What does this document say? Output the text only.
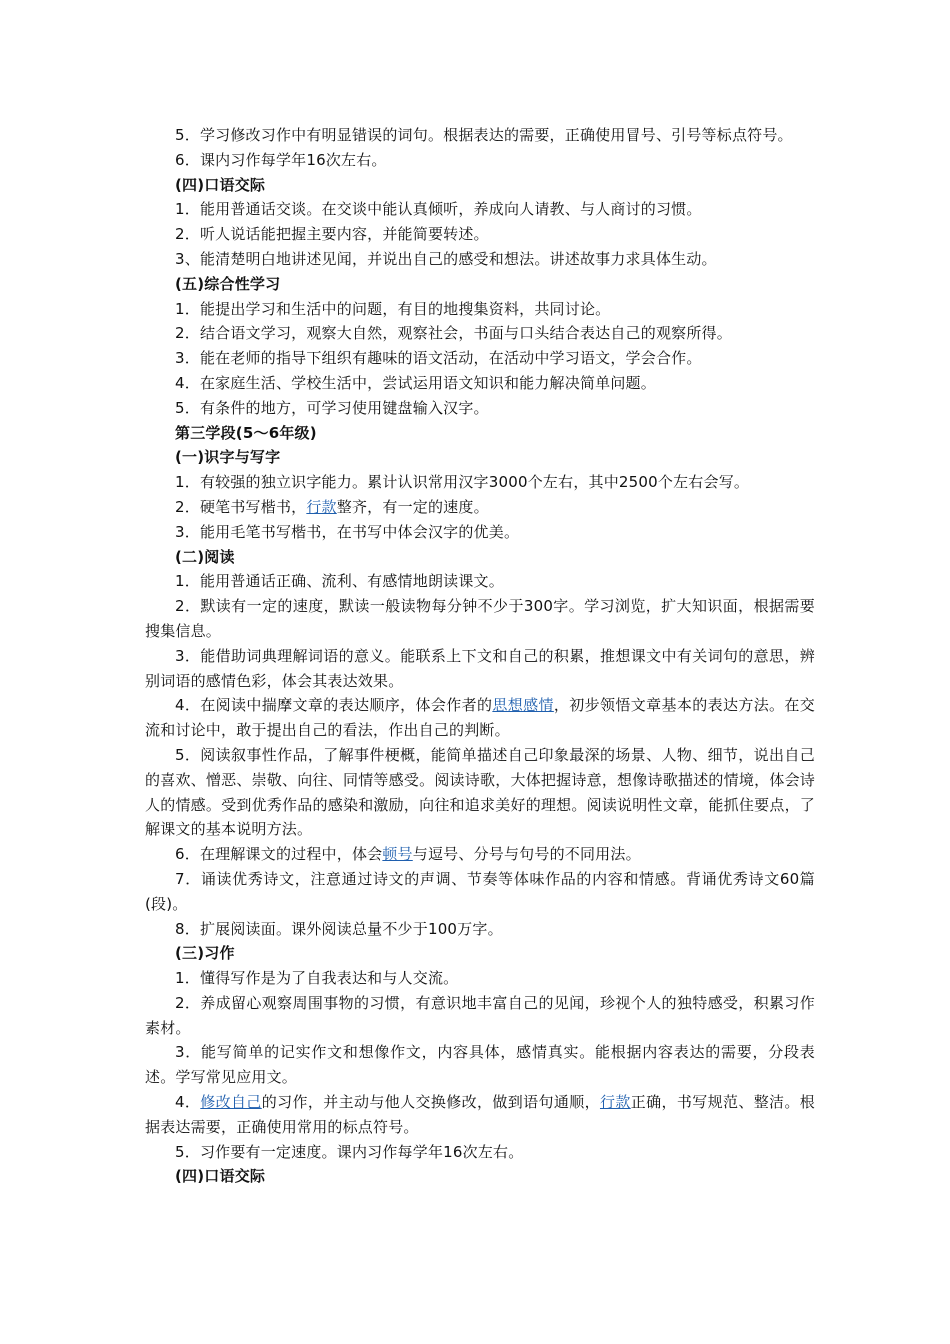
5．学习修改习作中有明显错误的词句。根据表达的需要，正确使用冒号、引号等标点符号。

6．课内习作每学年16次左右。

(四)口语交际

1．能用普通话交谈。在交谈中能认真倾听，养成向人请教、与人商讨的习惯。

2．听人说话能把握主要内容，并能简要转述。

3、能清楚明白地讲述见闻，并说出自己的感受和想法。讲述故事力求具体生动。

(五)综合性学习

1．能提出学习和生活中的问题，有目的地搜集资料，共同讨论。

2．结合语文学习，观察大自然，观察社会，书面与口头结合表达自己的观察所得。

3．能在老师的指导下组织有趣味的语文活动，在活动中学习语文，学会合作。

4．在家庭生活、学校生活中，尝试运用语文知识和能力解决简单问题。

5．有条件的地方，可学习使用键盘输入汉字。

第三学段(5～6年级)

(一)识字与写字

1．有较强的独立识字能力。累计认识常用汉字3000个左右，其中2500个左右会写。

2．硬笔书写楷书，行款整齐，有一定的速度。

3．能用毛笔书写楷书，在书写中体会汉字的优美。

(二)阅读

1．能用普通话正确、流利、有感情地朗读课文。

2．默读有一定的速度，默读一般读物每分钟不少于300字。学习浏览，扩大知识面，根据需要搜集信息。

3．能借助词典理解词语的意义。能联系上下文和自己的积累，推想课文中有关词句的意思，辨别词语的感情色彩，体会其表达效果。

4．在阅读中揣摩文章的表达顺序，体会作者的思想感情，初步领悟文章基本的表达方法。在交流和讨论中，敢于提出自己的看法，作出自己的判断。

5．阅读叙事性作品，了解事件梗概，能简单描述自己印象最深的场景、人物、细节，说出自己的喜欢、憎恶、崇敬、向往、同情等感受。阅读诗歌，大体把握诗意，想像诗歌描述的情境，体会诗人的情感。受到优秀作品的感染和激励，向往和追求美好的理想。阅读说明性文章，能抓住要点，了解课文的基本说明方法。

6．在理解课文的过程中，体会顿号与逗号、分号与句号的不同用法。

7．诵读优秀诗文，注意通过诗文的声调、节奏等体味作品的内容和情感。背诵优秀诗文60篇(段)。

8．扩展阅读面。课外阅读总量不少于100万字。

(三)习作

1．懂得写作是为了自我表达和与人交流。

2．养成留心观察周围事物的习惯，有意识地丰富自己的见闻，珍视个人的独特感受，积累习作素材。

3．能写简单的记实作文和想像作文，内容具体，感情真实。能根据内容表达的需要，分段表述。学写常见应用文。

4．修改自己的习作，并主动与他人交换修改，做到语句通顺，行款正确，书写规范、整洁。根据表达需要，正确使用常用的标点符号。

5．习作要有一定速度。课内习作每学年16次左右。

(四)口语交际
